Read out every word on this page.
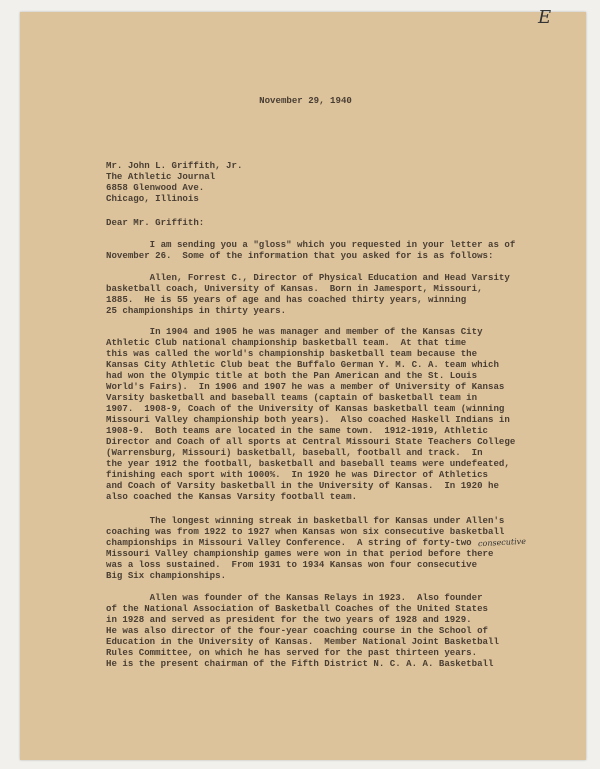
E
November 29, 1940
Mr. John L. Griffith, Jr.
The Athletic Journal
6858 Glenwood Ave.
Chicago, Illinois
Dear Mr. Griffith:
I am sending you a "gloss" which you requested in your letter as of
November 26.  Some of the information that you asked for is as follows:
Allen, Forrest C., Director of Physical Education and Head Varsity
basketball coach, University of Kansas.  Born in Jamesport, Missouri,
1885.  He is 55 years of age and has coached thirty years, winning
25 championships in thirty years.
In 1904 and 1905 he was manager and member of the Kansas City
Athletic Club national championship basketball team.  At that time
this was called the world's championship basketball team because the
Kansas City Athletic Club beat the Buffalo German Y. M. C. A. team which
had won the Olympic title at both the Pan American and the St. Louis
World's Fairs).  In 1906 and 1907 he was a member of University of Kansas
Varsity basketball and baseball teams (captain of basketball team in
1907.  1908-9, Coach of the University of Kansas basketball team (winning
Missouri Valley championship both years).  Also coached Haskell Indians in
1908-9.  Both teams are located in the same town.  1912-1919, Athletic
Director and Coach of all sports at Central Missouri State Teachers College
(Warrensburg, Missouri) basketball, baseball, football and track.  In
the year 1912 the football, basketball and baseball teams were undefeated,
finishing each sport with 1000%.  In 1920 he was Director of Athletics
and Coach of Varsity basketball in the University of Kansas.  In 1920 he
also coached the Kansas Varsity football team.
The longest winning streak in basketball for Kansas under Allen's
coaching was from 1922 to 1927 when Kansas won six consecutive basketball
championships in Missouri Valley Conference.  A string of forty-two
Missouri Valley championship games were won in that period before there
was a loss sustained.  From 1931 to 1934 Kansas won four consecutive
Big Six championships.
Allen was founder of the Kansas Relays in 1923.  Also founder
of the National Association of Basketball Coaches of the United States
in 1928 and served as president for the two years of 1928 and 1929.
He was also director of the four-year coaching course in the School of
Education in the University of Kansas.  Member National Joint Basketball
Rules Committee, on which he has served for the past thirteen years.
He is the present chairman of the Fifth District N. C. A. A. Basketball
consecutive
